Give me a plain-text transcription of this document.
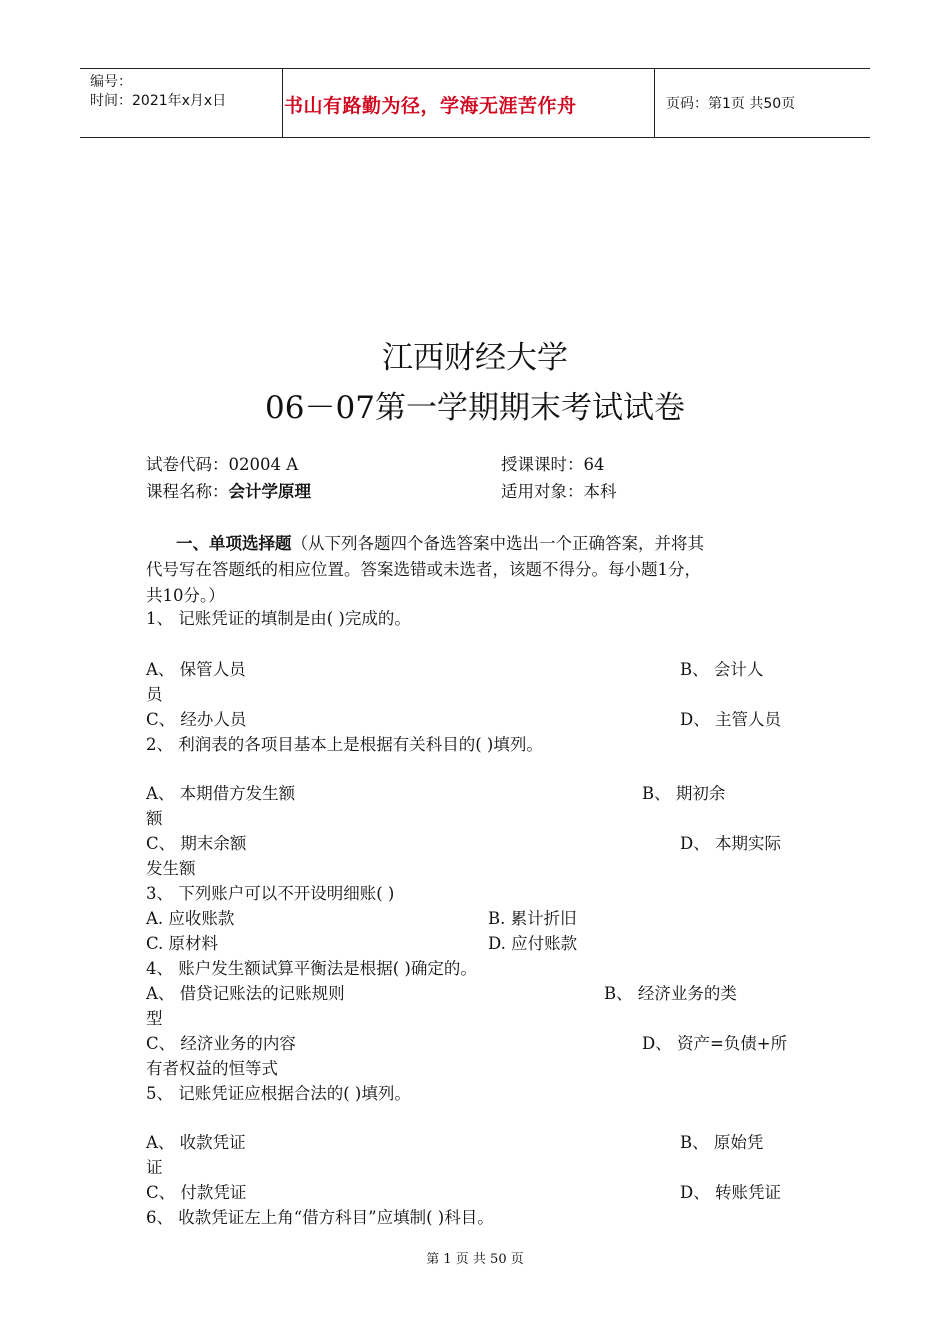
编号：
时间：2021年x月x日	书山有路勤为径，学海无涯苦作舟	页码：第1页 共50页
江西财经大学
06－07第一学期期末考试试卷
试卷代码：02004 A	授课课时：64
课程名称：会计学原理	适用对象：本科
一、单项选择题（从下列各题四个备选答案中选出一个正确答案，并将其
代号写在答题纸的相应位置。答案选错或未选者，该题不得分。每小题1分，
共10分。）
1、 记账凭证的填制是由( )完成的。
A、 保管人员	B、 会计人
员
C、 经办人员	D、 主管人员
2、 利润表的各项目基本上是根据有关科目的( )填列。
A、 本期借方发生额	B、 期初余
额
C、 期末余额	D、 本期实际
发生额
3、 下列账户可以不开设明细账( )
A. 应收账款	B. 累计折旧
C. 原材料	D. 应付账款
4、 账户发生额试算平衡法是根据( )确定的。
A、 借贷记账法的记账规则	B、 经济业务的类
型
C、 经济业务的内容	D、 资产=负债+所
有者权益的恒等式
5、 记账凭证应根据合法的( )填列。
A、 收款凭证	B、 原始凭
证
C、 付款凭证	D、 转账凭证
6、 收款凭证左上角“借方科目”应填制( )科目。
第 1 页 共 50 页
